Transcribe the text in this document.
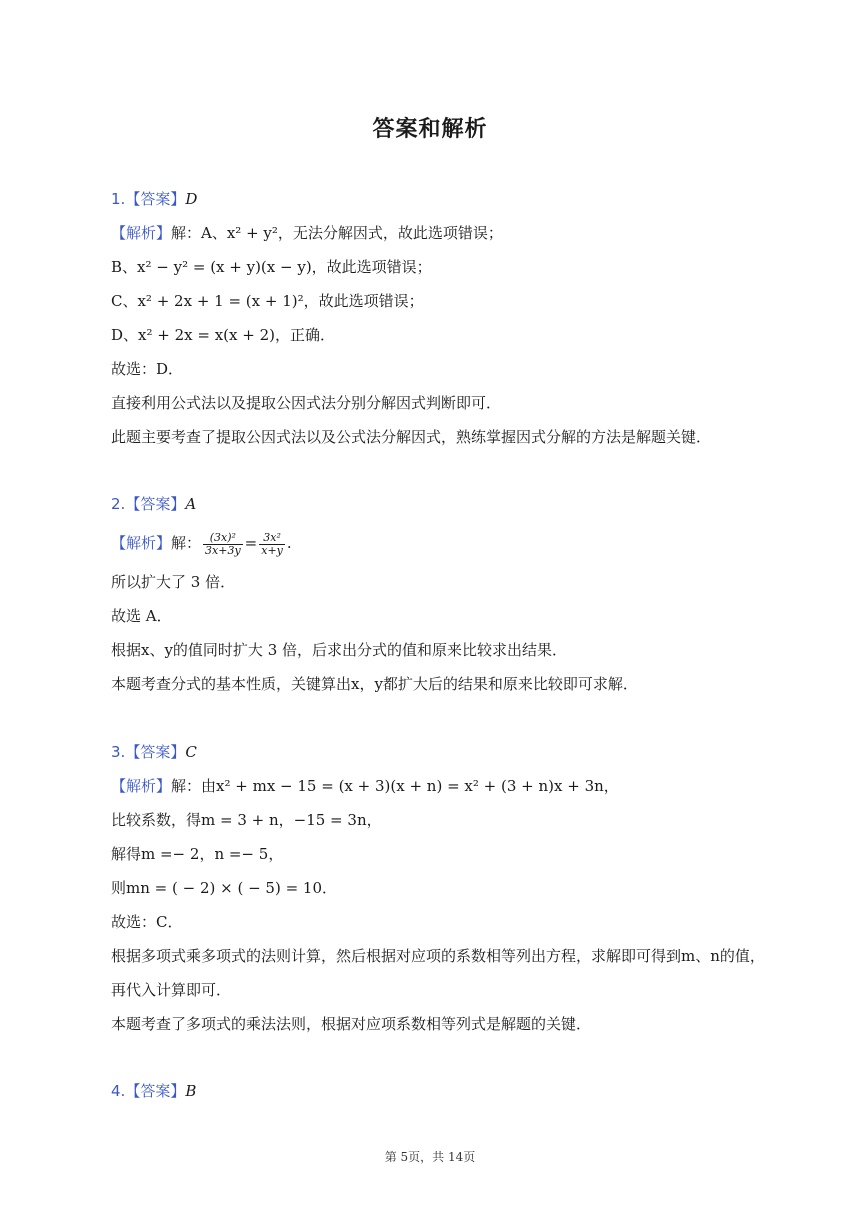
答案和解析
1.【答案】D
【解析】解：A、x² + y²，无法分解因式，故此选项错误；
B、x² − y² = (x + y)(x − y)，故此选项错误；
C、x² + 2x + 1 = (x + 1)²，故此选项错误；
D、x² + 2x = x(x + 2)，正确．
故选：D．
直接利用公式法以及提取公因式法分别分解因式判断即可．
此题主要考查了提取公因式法以及公式法分解因式，熟练掌握因式分解的方法是解题关键．
2.【答案】A
【解析】解： $\frac{\text{(3x)²}}{3x+3y} = \frac{\text{3x²}}{x+y}$ .
所以扩大了 3 倍．
故选 A．
根据x、y的值同时扩大 3 倍，后求出分式的值和原来比较求出结果．
本题考查分式的基本性质，关键算出x，y都扩大后的结果和原来比较即可求解．
3.【答案】C
【解析】解：由x² + mx − 15 = (x + 3)(x + n) = x² + (3 + n)x + 3n，
比较系数，得m = 3 + n，−15 = 3n，
解得m =− 2，n =− 5，
则mn = ( − 2) × ( − 5) = 10．
故选：C．
根据多项式乘多项式的法则计算，然后根据对应项的系数相等列出方程，求解即可得到m、n的值，
再代入计算即可．
本题考查了多项式的乘法法则，根据对应项系数相等列式是解题的关键．
4.【答案】B
第 5页，共 14页
